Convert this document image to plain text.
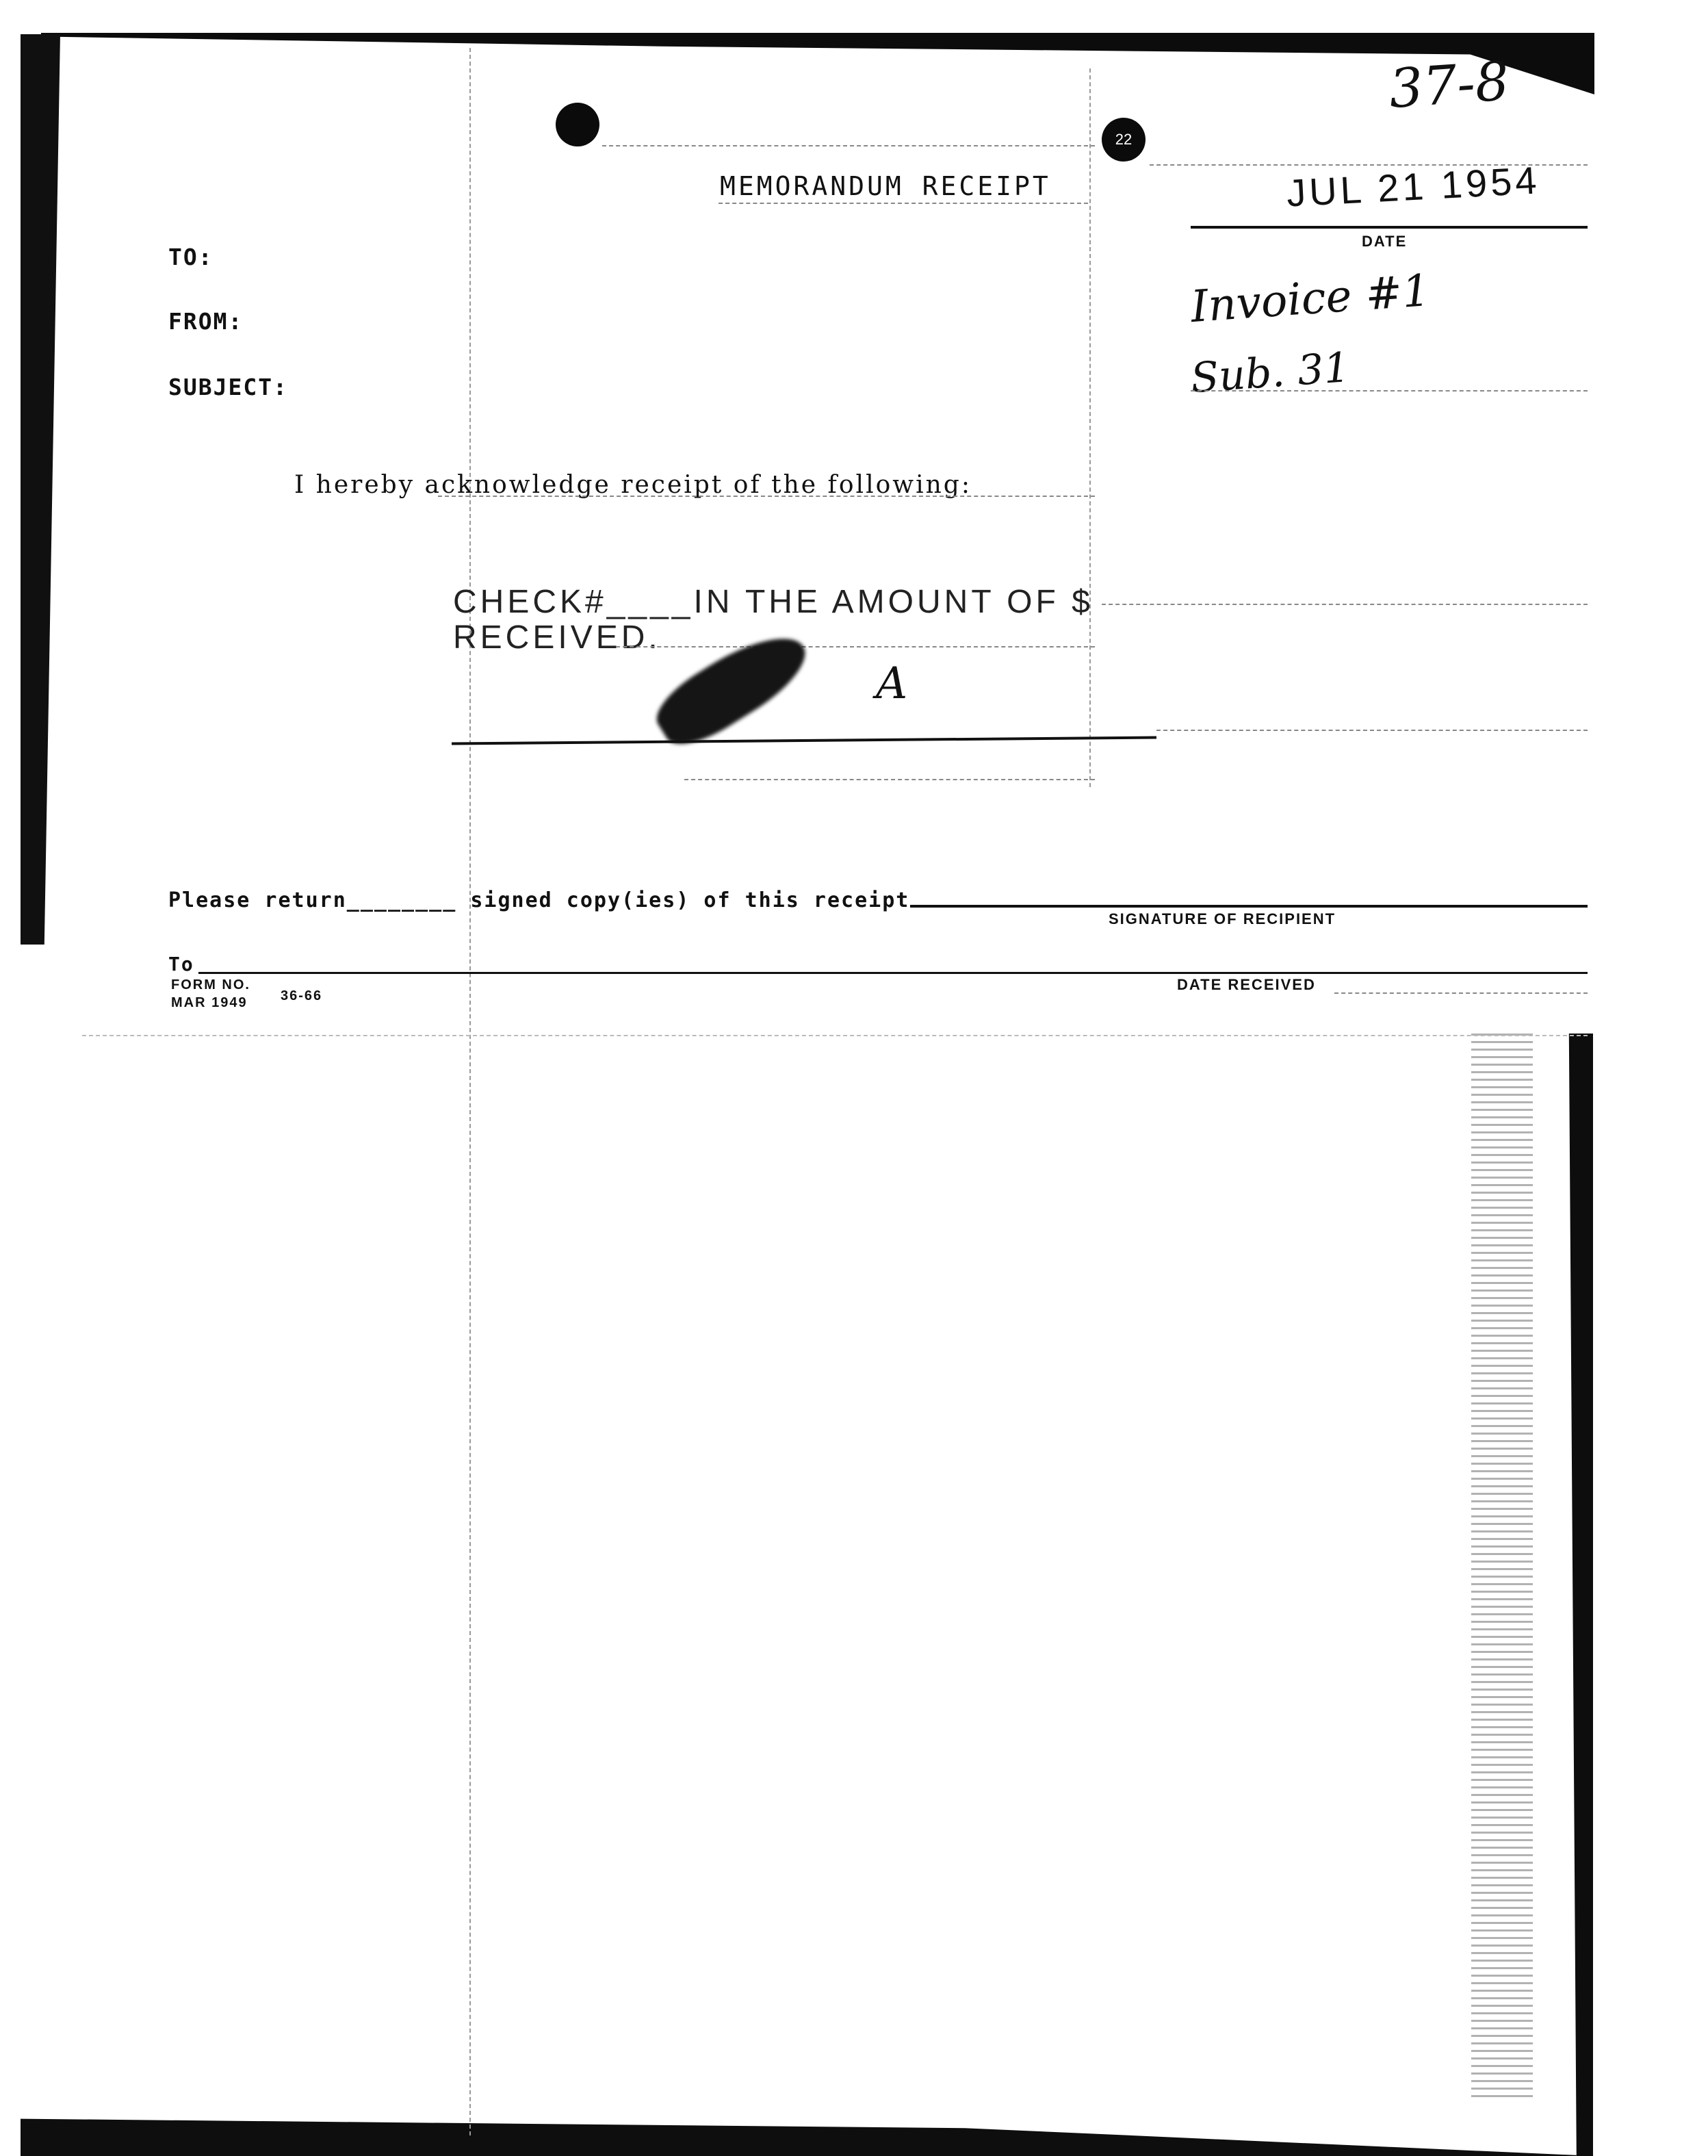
22
37-8
MEMORANDUM RECEIPT	JUL 21 1954
DATE
TO:
FROM:
SUBJECT:
Invoice #1
Sub. 31
I hereby acknowledge receipt of the following:
CHECK#____IN THE AMOUNT OF $
RECEIVED.
A
Please return________ signed copy(ies) of this receipt
SIGNATURE OF RECIPIENT
To
FORM NO.
36-66
MAR 1949
DATE RECEIVED
